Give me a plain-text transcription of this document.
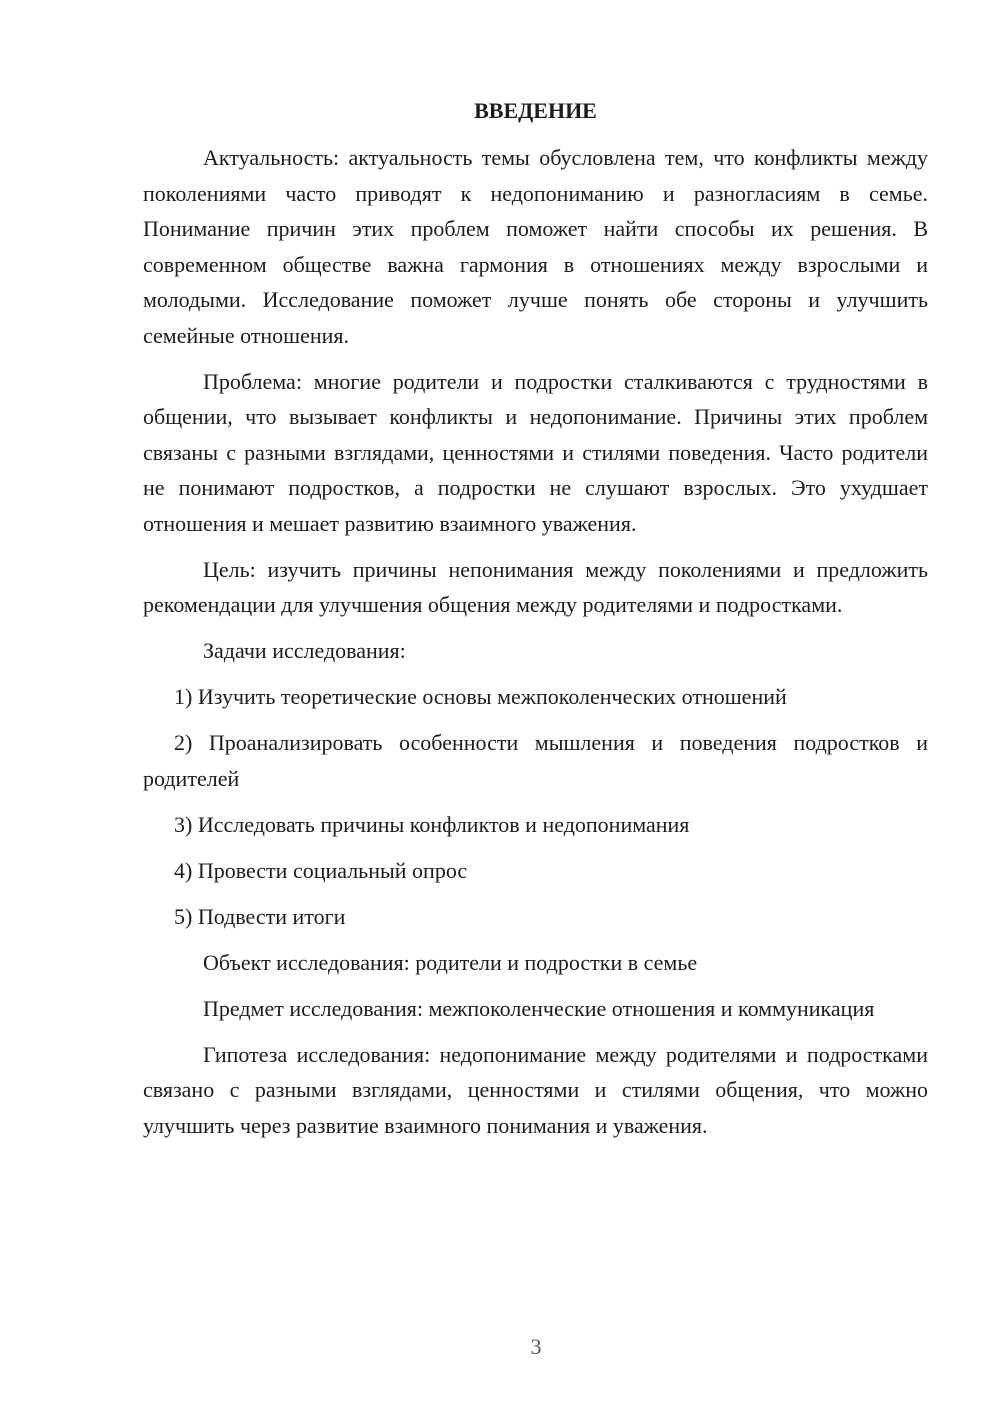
ВВЕДЕНИЕ

Актуальность: актуальность темы обусловлена тем, что конфликты между поколениями часто приводят к недопониманию и разногласиям в семье. Понимание причин этих проблем поможет найти способы их решения. В современном обществе важна гармония в отношениях между взрослыми и молодыми. Исследование поможет лучше понять обе стороны и улучшить семейные отношения.

Проблема: многие родители и подростки сталкиваются с трудностями в общении, что вызывает конфликты и недопонимание. Причины этих проблем связаны с разными взглядами, ценностями и стилями поведения. Часто родители не понимают подростков, а подростки не слушают взрослых. Это ухудшает отношения и мешает развитию взаимного уважения.

Цель: изучить причины непонимания между поколениями и предложить рекомендации для улучшения общения между родителями и подростками.

Задачи исследования:

1) Изучить теоретические основы межпоколенческих отношений

2) Проанализировать особенности мышления и поведения подростков и родителей

3) Исследовать причины конфликтов и недопонимания

4) Провести социальный опрос

5) Подвести итоги

Объект исследования: родители и подростки в семье

Предмет исследования: межпоколенческие отношения и коммуникация

Гипотеза исследования: недопонимание между родителями и подростками связано с разными взглядами, ценностями и стилями общения, что можно улучшить через развитие взаимного понимания и уважения.

3
